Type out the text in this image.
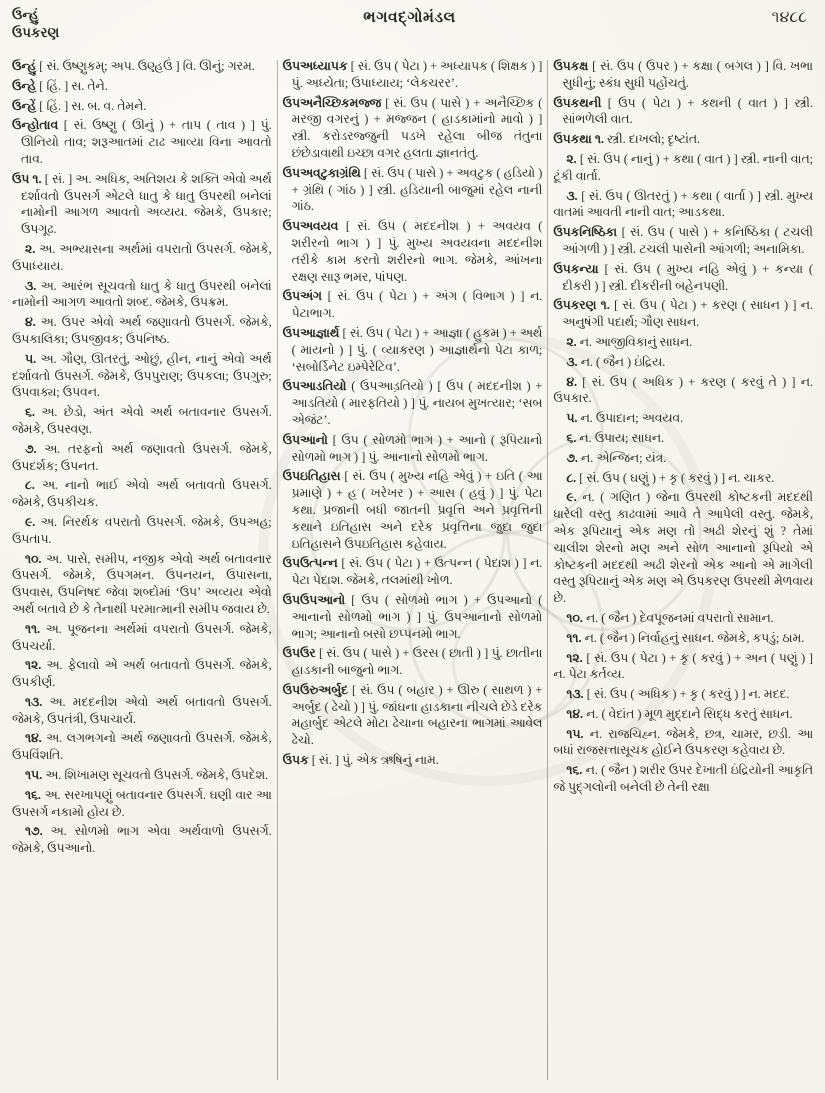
ઉન્હું
ઉપકરણ
ભગવદ્ગોમંડલ	૧૪૮૮

ઉન્હું [ સં. ઉષ્ણુકમ્; અપ. ઉણ્હઉં ] વિ. ઊનું; ગરમ.

ઉન્હે [ હિં. ] સ. તેને.

ઉન્હેં [ હિં. ] સ. બ. વ. તેમને.

ઉન્હોતાવ [ સં. ઉષ્ણુ ( ઊનું ) + તાપ ( તાવ ) ] પું. ઊનિયો તાવ; શરૂઆતમાં ટાઢ આવ્યા વિના આવતો તાવ.

ઉપ ૧. [ સં. ] અ. અધિક, અતિશય કે શક્તિ એવો અર્થ દર્શાવતો ઉપસર્ગ એટલે ધાતુ કે ધાતુ ઉપરથી બનેલાં નામોની આગળ આવતો અવ્યય. જેમકે, ઉપકાર; ઉપગૂઢ.

૨. અ. અભ્યાસના અર્થમાં વપરાતો ઉપસર્ગ. જેમકે, ઉપાધ્યાય.

૩. અ. આરંભ સૂચવતો ધાતુ કે ધાતુ ઉપરથી બનેલાં નામોની આગળ આવતો શબ્દ. જેમકે, ઉપક્રમ.

૪. અ. ઉપર એવો અર્થ જણાવતો ઉપસર્ગ. જેમકે, ઉપકાલિકા; ઉપજીવક; ઉપનિષ્ઠ.

૫. અ. ગૌણ, ઊતરતું, ઓછું, હીન, નાનું એવો અર્થ દર્શાવતો ઉપસર્ગ. જેમકે, ઉપપુરાણ; ઉપકલા; ઉપગુરુ; ઉપવાક્ય; ઉપવન.

૬. અ. છેડો, અંત એવો અર્થ બતાવનાર ઉપસર્ગ. જેમકે, ઉપસ્વણ.

૭. અ. તરફનો અર્થ જણાવતો ઉપસર્ગ. જેમકે, ઉપદર્શક; ઉપનત.

૮. અ. નાનો ભાઈ એવો અર્થ બતાવતો ઉપસર્ગ. જેમકે, ઉપકીચક.

૯. અ. નિરર્થક વપરાતો ઉપસર્ગ. જેમકે, ઉપઅહ; ઉપતાપ.

૧૦. અ. પાસે, સમીપ, નજીક એવો અર્થ બતાવનાર ઉપસર્ગ. જેમકે, ઉપગમન. ઉપનયન, ઉપાસના, ઉપવાસ, ઉપનિષદ જેવા શબ્દોમાં ‘ઉપ’ અવ્યય એવો અર્થ બતાવે છે કે તેનાથી પરમાત્માની સમીપ જવાય છે.

૧૧. અ. પૂજનના અર્થમાં વપરાતો ઉપસર્ગ. જેમકે, ઉપચર્યા.

૧૨. અ. ફેલાવો એ અર્થ બતાવતો ઉપસર્ગ. જેમકે, ઉપકીર્ણ.

૧૩. અ. મદદનીશ એવો અર્થ બતાવતો ઉપસર્ગ. જેમકે, ઉપતંત્રી, ઉપાચાર્ય.

૧૪. અ. લગભગનો અર્થ જણાવતો ઉપસર્ગ. જેમકે, ઉપવિંશતિ.

૧૫. અ. શિખામણ સૂચવતો ઉપસર્ગ. જેમકે, ઉપદેશ.

૧૬. અ. સરખાપણું બતાવનાર ઉપસર્ગ. ઘણી વાર આ ઉપસર્ગ નકામો હોય છે.

૧૭. અ. સોળમો ભાગ એવા અર્થવાળો ઉપસર્ગ. જેમકે, ઉપઆનો.

ઉપઅધ્યાપક [ સં. ઉપ ( પેટા ) + અધ્યાપક ( શિક્ષક ) ] પું. અધ્યેતા; ઉપાધ્યાય; ‘લેકચરર’.

ઉપઅનૈચ્છિકમજ્જ [ સં. ઉપ ( પાસે ) + અનૈચ્છિક ( મરજી વગરનું ) + મજ્જન ( હાડકામાંનો માવો ) ] સ્ત્રી. કરોડરજ્જુની પડખે રહેલા બીજ તંતુના છંછેડાવાથી ઇચ્છા વગર હલતા જ્ઞાનતંતુ.

ઉપઅવટુકાગ્રંથિ [ સં. ઉપ ( પાસે ) + અવટુક ( હડિયો ) + ગ્રંથિ ( ગાંઠ ) ] સ્ત્રી. હડિયાની બાજુમાં રહેલ નાની ગાંઠ.

ઉપઅવયવ [ સં. ઉપ ( મદદનીશ ) + અવયવ ( શરીરનો ભાગ ) ] પું. મુખ્ય અવયવના મદદનીશ તરીકે કામ કરતો શરીરનો ભાગ. જેમકે, આંખના રક્ષણ સારૂ ભમર, પાંપણ.

ઉપઅંગ [ સં. ઉપ ( પેટા ) + અંગ ( વિભાગ ) ] ન. પેટાભાગ.

ઉપઆજ્ઞાર્થ [ સં. ઉપ ( પેટા ) + આજ્ઞા ( હુકમ ) + અર્થ ( માયનો ) ] પું. ( વ્યાકરણ ) આજ્ઞાર્થનો પેટા કાળ; ‘સબોર્ડિનેટ ઇમ્પેરેટિવ’.

ઉપઆડતિયો ( ઉપઆડ઼તિયો ) [ ઉપ ( મદદનીશ ) + આડતિયો ( મારફતિયો ) ] પું. નાયબ મુખત્યાર; ‘સબ એજંટ’.

ઉપઆનો [ ઉપ ( સોળમો ભાગ ) + આનો ( રૂપિયાનો સોળમો ભાગ ) ] પું. આનાનો સોળમો ભાગ.

ઉપઇતિહાસ [ સં. ઉપ ( મુખ્ય નહિ એવું ) + ઇતિ ( આ પ્રમાણે ) + હ ( ખરેખર ) + આસ ( હવું ) ] પું. પેટા કથા. પ્રજાની બધી જાતની પ્રવૃત્તિ અને પ્રવૃત્તિની કથાને ઇતિહાસ અને દરેક પ્રવૃત્તિના જુદા જુદા ઇતિહાસને ઉપઇતિહાસ કહેવાય.

ઉપઉત્પન્ન [ સં. ઉપ ( પેટા ) + ઉત્પન્ન ( પેદાશ ) ] ન. પેટા પેદાશ. જેમકે, તલમાંથી ખોળ.

ઉપઉપઆનો [ ઉપ ( સોળમો ભાગ ) + ઉપઆનો ( આનાનો સોળમો ભાગ ) ] પું. ઉપઆનાનો સોળમો ભાગ; આનાનો બસો છપ્પનમો ભાગ.

ઉપઉર [ સં. ઉપ ( પાસે ) + ઉરસ ( છાતી ) ] પું. છાતીના હાડકાની બાજુનો ભાગ.

ઉપઉરુઅર્બુદ [ સં. ઉપ ( બહાર ) + ઊરુ ( સાથળ ) + અર્બુદ ( ઢેચો ) ] પું. જાંઘના હાડકાના નીચલે છેડે દરેક મહાર્બુદ એટલે મોટા ઢેચાના બહારના ભાગમાં આવેલ ઢેચો.

ઉપક [ સં. ] પું. એક ઋષિનું નામ.

ઉપકક્ષ [ સં. ઉપ ( ઉપર ) + કક્ષા ( બગલ ) ] વિ. ખભા સુધીનું; સ્કંધ સુધી પહોંચતું.

ઉપકથની [ ઉપ ( પેટા ) + કથની ( વાત ) ] સ્ત્રી. સાંભળેલી વાત.

ઉપકથા ૧. સ્ત્રી. દાખલો; દૃષ્ટાંત.

૨. [ સં. ઉપ ( નાનું ) + કથા ( વાત ) ] સ્ત્રી. નાની વાત; ટૂંકી વાર્તા.

૩. [ સં. ઉપ ( ઊતરતું ) + કથા ( વાર્તા ) ] સ્ત્રી. મુખ્ય વાતમાં આવતી નાની વાત; આડકથા.

ઉપકનિષ્ઠિકા [ સં. ઉપ ( પાસે ) + કનિષ્ઠિકા ( ટચલી આંગળી ) ] સ્ત્રી. ટચલી પાસેની આંગળી; અનામિકા.

ઉપકન્યા [ સં. ઉપ ( મુખ્ય નહિ એવું ) + કન્યા ( દીકરી ) ] સ્ત્રી. દીકરીની બહેનપણી.

ઉપકરણ ૧. [ સં. ઉપ ( પેટા ) + કરણ ( સાધન ) ] ન. અનુષંગી પદાર્થ; ગૌણ સાધન.

૨. ન. આજીવિકાનું સાધન.

૩. ન. ( જૈન ) ઇંદ્રિય.

૪. [ સં. ઉપ ( અધિક ) + કરણ ( કરવું તે ) ] ન. ઉપકાર.

૫. ન. ઉપાદાન; અવયવ.

૬. ન. ઉપાય; સાધન.

૭. ન. એન્જિન; યંત્ર.

૮. [ સં. ઉપ ( ઘણું ) + કૃ ( કરવું ) ] ન. ચાકર.

૯. ન. ( ગણિત ) જેના ઉપરથી કોષ્ટકની મદદથી ધારેલી વસ્તુ કાઢવામાં આવે તે આપેલી વસ્તુ. જેમકે, એક રૂપિયાનું એક મણ તો અઢી શેરનું શું ? તેમાં ચાલીશ શેરનો મણ અને સોળ આનાનો રૂપિયો એ કોષ્ટકની મદદથી અઢી શેરનો એક આનો એ માગેલી વસ્તુ રૂપિયાનું એક મણ એ ઉપકરણ ઉપરથી મેળવાય છે.

૧૦. ન. ( જૈન ) દેવપૂજનમાં વપરાતો સામાન.

૧૧. ન. ( જૈન ) નિર્વાહનું સાધન. જેમકે, કપડું; ઠામ.

૧૨. [ સં. ઉપ ( પેટા ) + કૃ ( કરવું ) + અન ( પણું ) ] ન. પેટા કર્તવ્ય.

૧૩. [ સં. ઉપ ( અધિક ) + કૃ ( કરવું ) ] ન. મદદ.

૧૪. ન. ( વેદાંત ) મૂળ મુદ્દાને સિદ્ધ કરતું સાધન.

૧૫. ન. રાજચિહ્ન. જેમકે, છત્ર, ચામર, છડી. આ બધાં રાજસત્તાસૂચક હોઈને ઉપકરણ કહેવાય છે.

૧૬. ન. ( જૈન ) શરીર ઉપર દેખાતી ઇંદ્રિયોની આકૃતિ જે પુદ્ગલોની બનેલી છે તેની રક્ષા
